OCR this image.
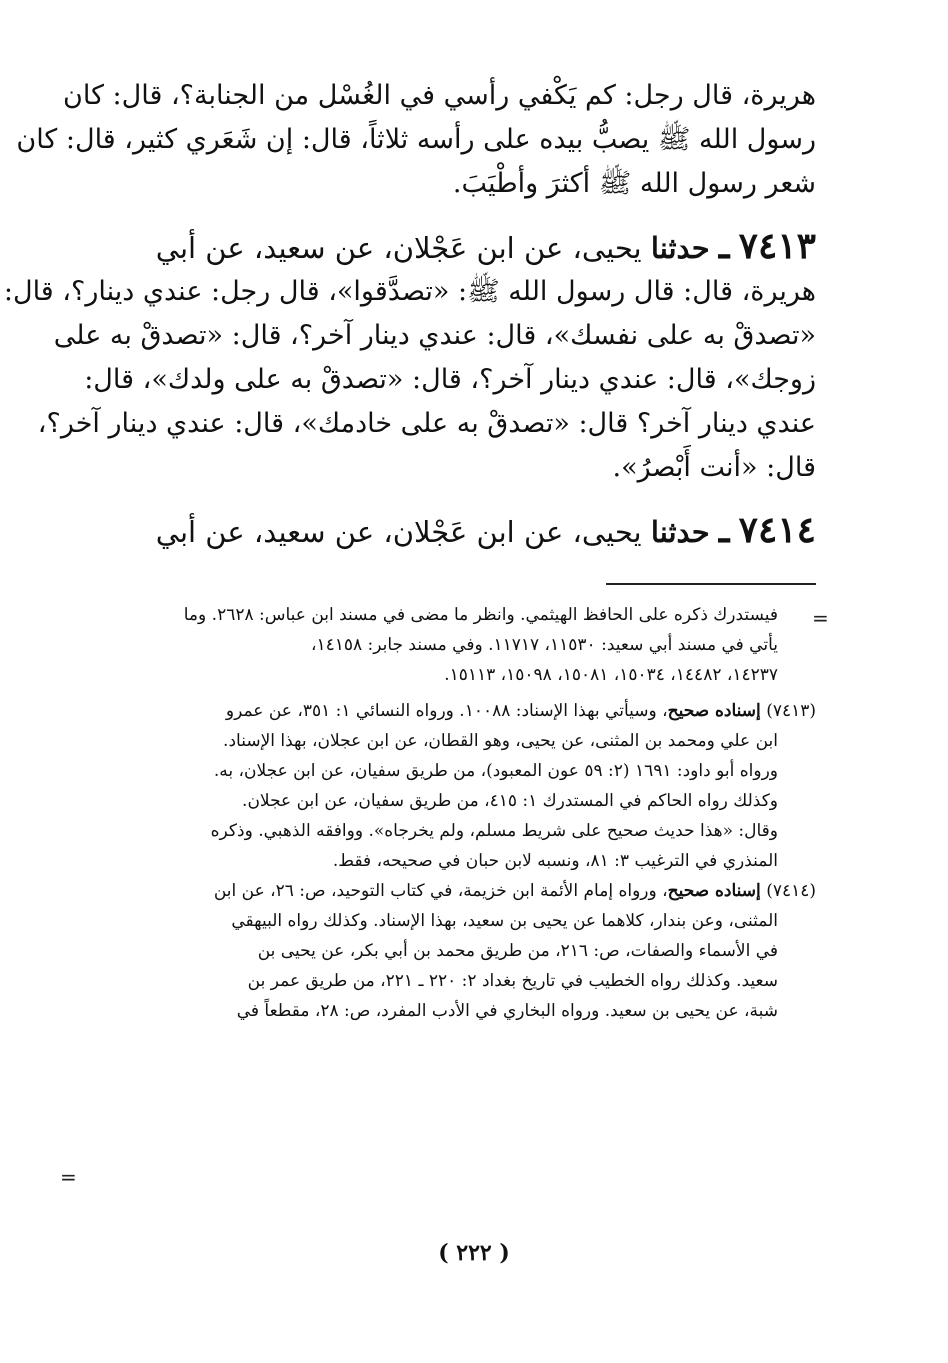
هريرة، قال رجل: كم يَكْفي رأسي في الغُسْل من الجنابة؟، قال: كان
رسول الله ﷺ يصبُّ بيده على رأسه ثلاثاً، قال: إن شَعَري كثير، قال: كان
شعر رسول الله ﷺ أكثرَ وأطْيَبَ.
٧٤١٣ ـ حدثنا يحيى، عن ابن عَجْلان، عن سعيد، عن أبي
هريرة، قال: قال رسول الله ﷺ: «تصدَّقوا»، قال رجل: عندي دينار؟، قال:
«تصدقْ به على نفسك»، قال: عندي دينار آخر؟، قال: «تصدقْ به على
زوجك»، قال: عندي دينار آخر؟، قال: «تصدقْ به على ولدك»، قال:
عندي دينار آخر؟ قال: «تصدقْ به على خادمك»، قال: عندي دينار آخر؟،
قال: «أنت أَبْصرُ».
٧٤١٤ ـ حدثنا يحيى، عن ابن عَجْلان، عن سعيد، عن أبي
=
فيستدرك ذكره على الحافظ الهيثمي. وانظر ما مضى في مسند ابن عباس: ٢٦٢٨. وما
يأتي في مسند أبي سعيد: ١١٥٣٠، ١١٧١٧. وفي مسند جابر: ١٤١٥٨،
١٤٢٣٧، ١٤٤٨٢، ١٥٠٣٤، ١٥٠٨١، ١٥٠٩٨، ١٥١١٣.
(٧٤١٣) إسناده صحيح، وسيأتي بهذا الإسناد: ١٠٠٨٨. ورواه النسائي ١: ٣٥١، عن عمرو
ابن علي ومحمد بن المثنى، عن يحيى، وهو القطان، عن ابن عجلان، بهذا الإسناد.
ورواه أبو داود: ١٦٩١ (٢: ٥٩ عون المعبود)، من طريق سفيان، عن ابن عجلان، به.
وكذلك رواه الحاكم في المستدرك ١: ٤١٥، من طريق سفيان، عن ابن عجلان.
وقال: «هذا حديث صحيح على شريط مسلم، ولم يخرجاه». ووافقه الذهبي. وذكره
المنذري في الترغيب ٣: ٨١، ونسبه لابن حبان في صحيحه، فقط.
(٧٤١٤) إسناده صحيح، ورواه إمام الأئمة ابن خزيمة، في كتاب التوحيد، ص: ٢٦، عن ابن
المثنى، وعن بندار، كلاهما عن يحيى بن سعيد، بهذا الإسناد. وكذلك رواه البيهقي
في الأسماء والصفات، ص: ٢١٦، من طريق محمد بن أبي بكر، عن يحيى بن
سعيد. وكذلك رواه الخطيب في تاريخ بغداد ٢: ٢٢٠ ـ ٢٢١، من طريق عمر بن
شبة، عن يحيى بن سعيد. ورواه البخاري في الأدب المفرد، ص: ٢٨، مقطعاً في
=
( ٢٢٢ )
